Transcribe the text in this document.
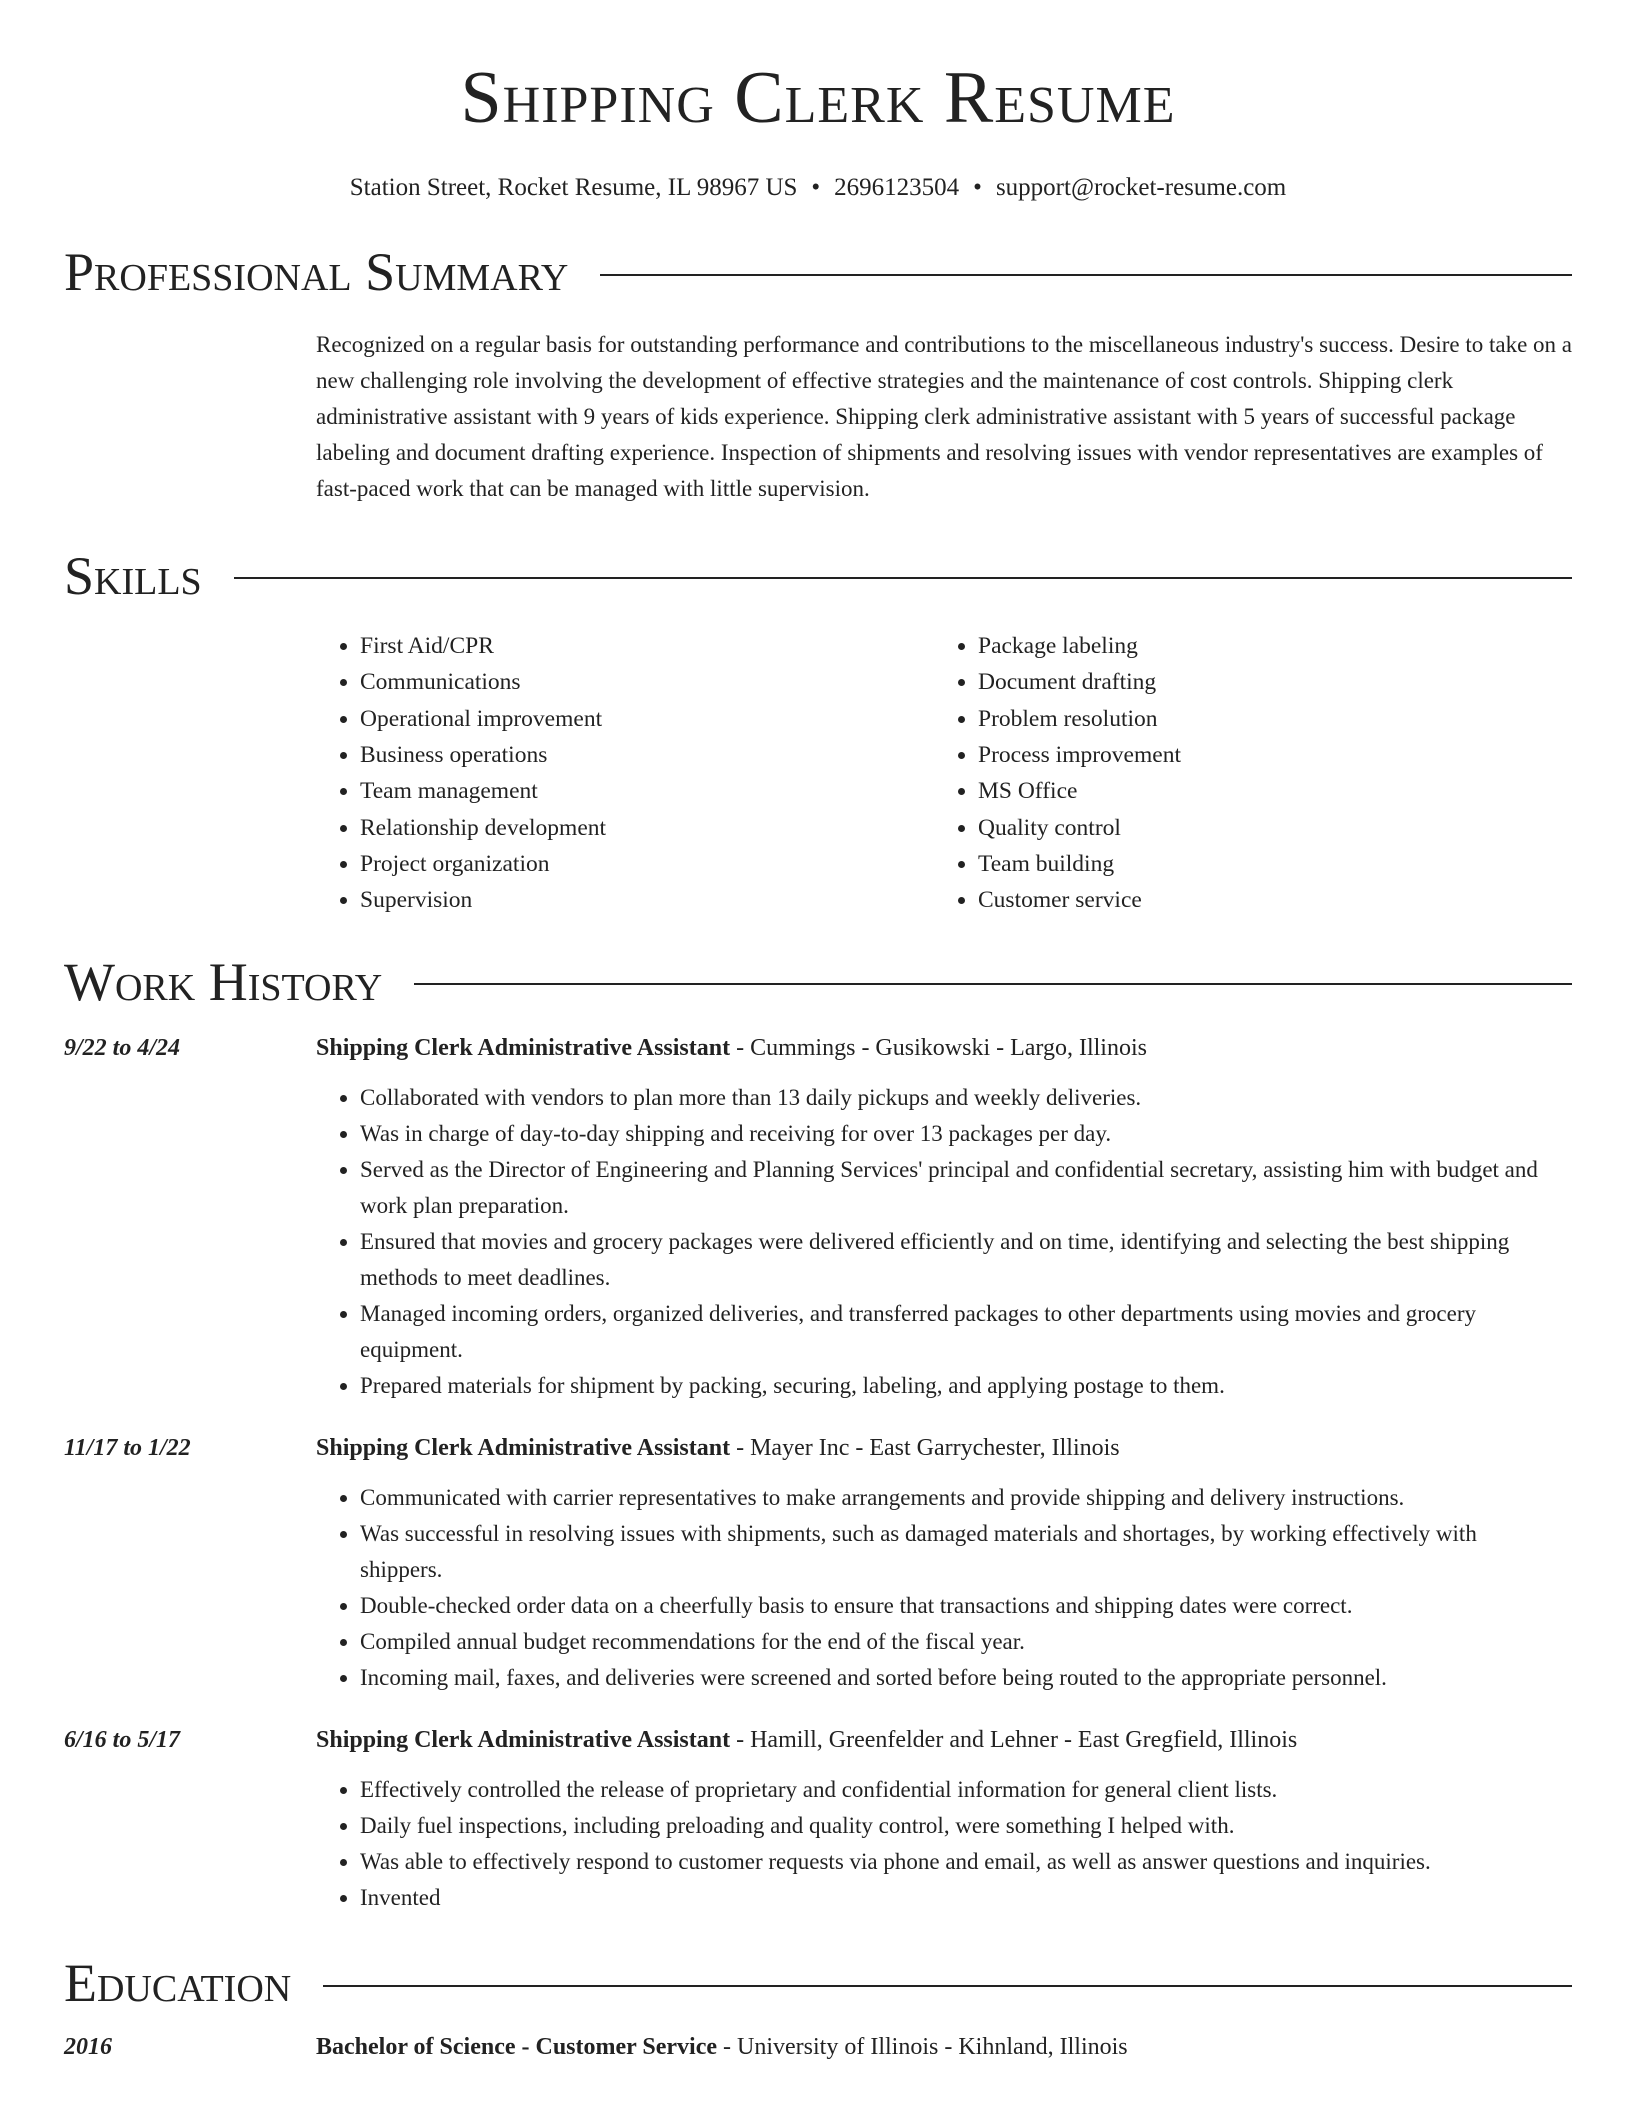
Shipping Clerk Resume
Station Street, Rocket Resume, IL 98967 US • 2696123504 • support@rocket-resume.com
Professional Summary
Recognized on a regular basis for outstanding performance and contributions to the miscellaneous industry's success. Desire to take on a new challenging role involving the development of effective strategies and the maintenance of cost controls. Shipping clerk administrative assistant with 9 years of kids experience. Shipping clerk administrative assistant with 5 years of successful package labeling and document drafting experience. Inspection of shipments and resolving issues with vendor representatives are examples of fast-paced work that can be managed with little supervision.
Skills
• First Aid/CPR
• Communications
• Operational improvement
• Business operations
• Team management
• Relationship development
• Project organization
• Supervision
• Package labeling
• Document drafting
• Problem resolution
• Process improvement
• MS Office
• Quality control
• Team building
• Customer service
Work History
9/22 to 4/24	Shipping Clerk Administrative Assistant - Cummings - Gusikowski - Largo, Illinois
• Collaborated with vendors to plan more than 13 daily pickups and weekly deliveries.
• Was in charge of day-to-day shipping and receiving for over 13 packages per day.
• Served as the Director of Engineering and Planning Services' principal and confidential secretary, assisting him with budget and work plan preparation.
• Ensured that movies and grocery packages were delivered efficiently and on time, identifying and selecting the best shipping methods to meet deadlines.
• Managed incoming orders, organized deliveries, and transferred packages to other departments using movies and grocery equipment.
• Prepared materials for shipment by packing, securing, labeling, and applying postage to them.
11/17 to 1/22	Shipping Clerk Administrative Assistant - Mayer Inc - East Garrychester, Illinois
• Communicated with carrier representatives to make arrangements and provide shipping and delivery instructions.
• Was successful in resolving issues with shipments, such as damaged materials and shortages, by working effectively with shippers.
• Double-checked order data on a cheerfully basis to ensure that transactions and shipping dates were correct.
• Compiled annual budget recommendations for the end of the fiscal year.
• Incoming mail, faxes, and deliveries were screened and sorted before being routed to the appropriate personnel.
6/16 to 5/17	Shipping Clerk Administrative Assistant - Hamill, Greenfelder and Lehner - East Gregfield, Illinois
• Effectively controlled the release of proprietary and confidential information for general client lists.
• Daily fuel inspections, including preloading and quality control, were something I helped with.
• Was able to effectively respond to customer requests via phone and email, as well as answer questions and inquiries.
• Invented
Education
2016	Bachelor of Science - Customer Service - University of Illinois - Kihnland, Illinois
